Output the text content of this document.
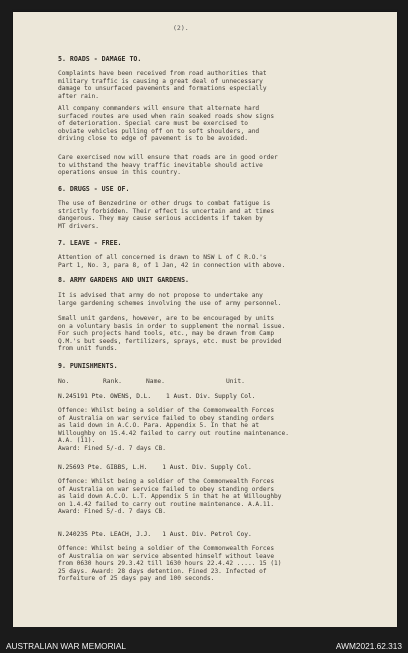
(2).
5. ROADS - DAMAGE TO.
Complaints have been received from road authorities that
military traffic is causing a great deal of unnecessary
damage to unsurfaced pavements and formations especially
after rain.
All company commanders will ensure that alternate hard
surfaced routes are used when rain soaked roads show signs
of deterioration. Special care must be exercised to
obviate vehicles pulling off on to soft shoulders, and
driving close to edge of pavement is to be avoided.
Care exercised now will ensure that roads are in good order
to withstand the heavy traffic inevitable should active
operations ensue in this country.
6. DRUGS - USE OF.
The use of Benzedrine or other drugs to combat fatigue is
strictly forbidden. Their effect is uncertain and at times
dangerous. They may cause serious accidents if taken by
MT drivers.
7. LEAVE - FREE.
Attention of all concerned is drawn to NSW L of C R.O.'s
Part 1, No. 3, para 8, of 1 Jan, 42 in connection with above.
8. ARMY GARDENS AND UNIT GARDENS.
It is advised that army do not propose to undertake any
large gardening schemes involving the use of army personnel.
Small unit gardens, however, are to be encouraged by units
on a voluntary basis in order to supplement the normal issue.
For such projects hand tools, etc., may be drawn from Camp
Q.M.'s but seeds, fertilizers, sprays, etc. must be provided
from unit funds.
9. PUNISHMENTS.
No.	Rank.	Name.	Unit.
N.245191 Pte. OWENS, D.L.    1 Aust. Div. Supply Col.
Offence: Whilst being a soldier of the Commonwealth Forces
of Australia on war service failed to obey standing orders
as laid down in A.C.O. Para. Appendix 5. In that he at
Willoughby on 15.4.42 failed to carry out routine maintenance.
A.A. (11).
Award: Fined 5/-d. 7 days CB.
N.25693 Pte. GIBBS, L.H.    1 Aust. Div. Supply Col.
Offence: Whilst being a soldier of the Commonwealth Forces
of Australia on war service failed to obey standing orders
as laid down A.C.O. L.T. Appendix 5 in that he at Willoughby
on 1.4.42 failed to carry out routine maintenance. A.A.11.
Award: Fined 5/-d. 7 days CB.
N.240235 Pte. LEACH, J.J.   1 Aust. Div. Petrol Coy.
Offence: Whilst being a soldier of the Commonwealth Forces
of Australia on war service absented himself without leave
from 0630 hours 29.3.42 till 1630 hours 22.4.42 ..... 15 (1)
25 days. Award: 28 days detention. Fined 23. Infected of
forfeiture of 25 days pay and 100 seconds.
AUSTRALIAN WAR MEMORIAL	AWM2021.62.313
